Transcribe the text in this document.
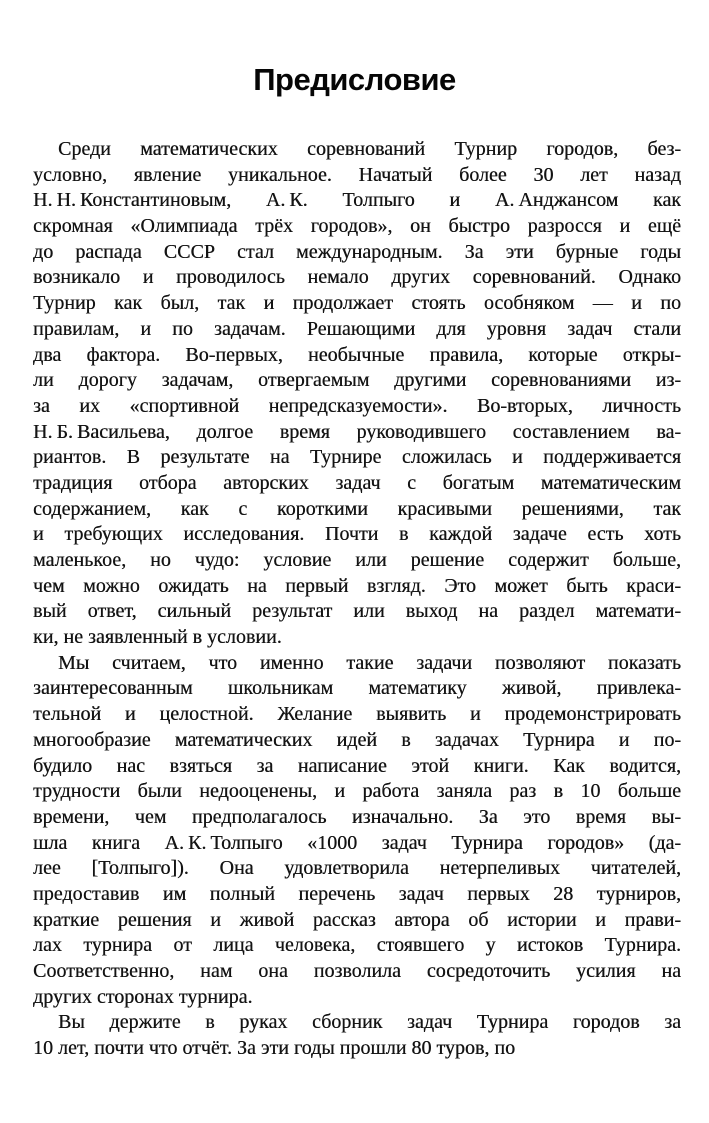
Предисловие
Среди математических соревнований Турнир городов, без-
условно, явление уникальное. Начатый более 30 лет назад
Н. Н. Константиновым, А. К. Толпыго и А. Анджансом как
скромная «Олимпиада трёх городов», он быстро разросся и ещё
до распада СССР стал международным. За эти бурные годы
возникало и проводилось немало других соревнований. Однако
Турнир как был, так и продолжает стоять особняком — и по
правилам, и по задачам. Решающими для уровня задач стали
два фактора. Во-первых, необычные правила, которые откры-
ли дорогу задачам, отвергаемым другими соревнованиями из-
за их «спортивной непредсказуемости». Во-вторых, личность
Н. Б. Васильева, долгое время руководившего составлением ва-
риантов. В результате на Турнире сложилась и поддерживается
традиция отбора авторских задач с богатым математическим
содержанием, как с короткими красивыми решениями, так
и требующих исследования. Почти в каждой задаче есть хоть
маленькое, но чудо: условие или решение содержит больше,
чем можно ожидать на первый взгляд. Это может быть краси-
вый ответ, сильный результат или выход на раздел математи-
ки, не заявленный в условии.
Мы считаем, что именно такие задачи позволяют показать
заинтересованным школьникам математику живой, привлека-
тельной и целостной. Желание выявить и продемонстрировать
многообразие математических идей в задачах Турнира и по-
будило нас взяться за написание этой книги. Как водится,
трудности были недооценены, и работа заняла раз в 10 больше
времени, чем предполагалось изначально. За это время вы-
шла книга А. К. Толпыго «1000 задач Турнира городов» (да-
лее [Толпыго]). Она удовлетворила нетерпеливых читателей,
предоставив им полный перечень задач первых 28 турниров,
краткие решения и живой рассказ автора об истории и прави-
лах турнира от лица человека, стоявшего у истоков Турнира.
Соответственно, нам она позволила сосредоточить усилия на
других сторонах турнира.
Вы держите в руках сборник задач Турнира городов за
10 лет, почти что отчёт. За эти годы прошли 80 туров, по
